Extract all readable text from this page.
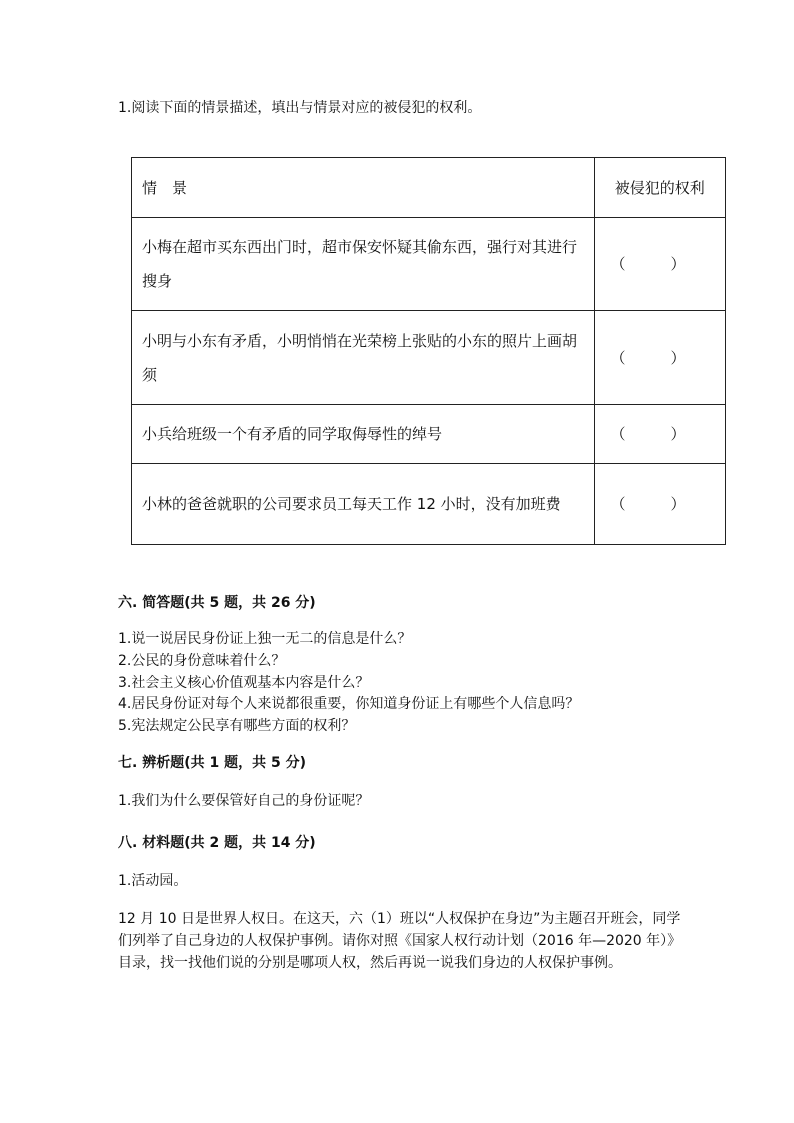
1.阅读下面的情景描述，填出与情景对应的被侵犯的权利。
情　景	被侵犯的权利
小梅在超市买东西出门时，超市保安怀疑其偷东西，强行对其进行搜身	（　　　）
小明与小东有矛盾，小明悄悄在光荣榜上张贴的小东的照片上画胡须	（　　　）
小兵给班级一个有矛盾的同学取侮辱性的绰号	（　　　）
小林的爸爸就职的公司要求员工每天工作 12 小时，没有加班费	（　　　）
六. 简答题(共 5 题，共 26 分)
1.说一说居民身份证上独一无二的信息是什么？
2.公民的身份意味着什么？
3.社会主义核心价值观基本内容是什么？
4.居民身份证对每个人来说都很重要，你知道身份证上有哪些个人信息吗？
5.宪法规定公民享有哪些方面的权利？
七. 辨析题(共 1 题，共 5 分)
1.我们为什么要保管好自己的身份证呢？
八. 材料题(共 2 题，共 14 分)
1.活动园。
12 月 10 日是世界人权日。在这天，六（1）班以“人权保护在身边”为主题召开班会，同学们列举了自己身边的人权保护事例。请你对照《国家人权行动计划（2016 年—2020 年）》目录，找一找他们说的分别是哪项人权，然后再说一说我们身边的人权保护事例。
